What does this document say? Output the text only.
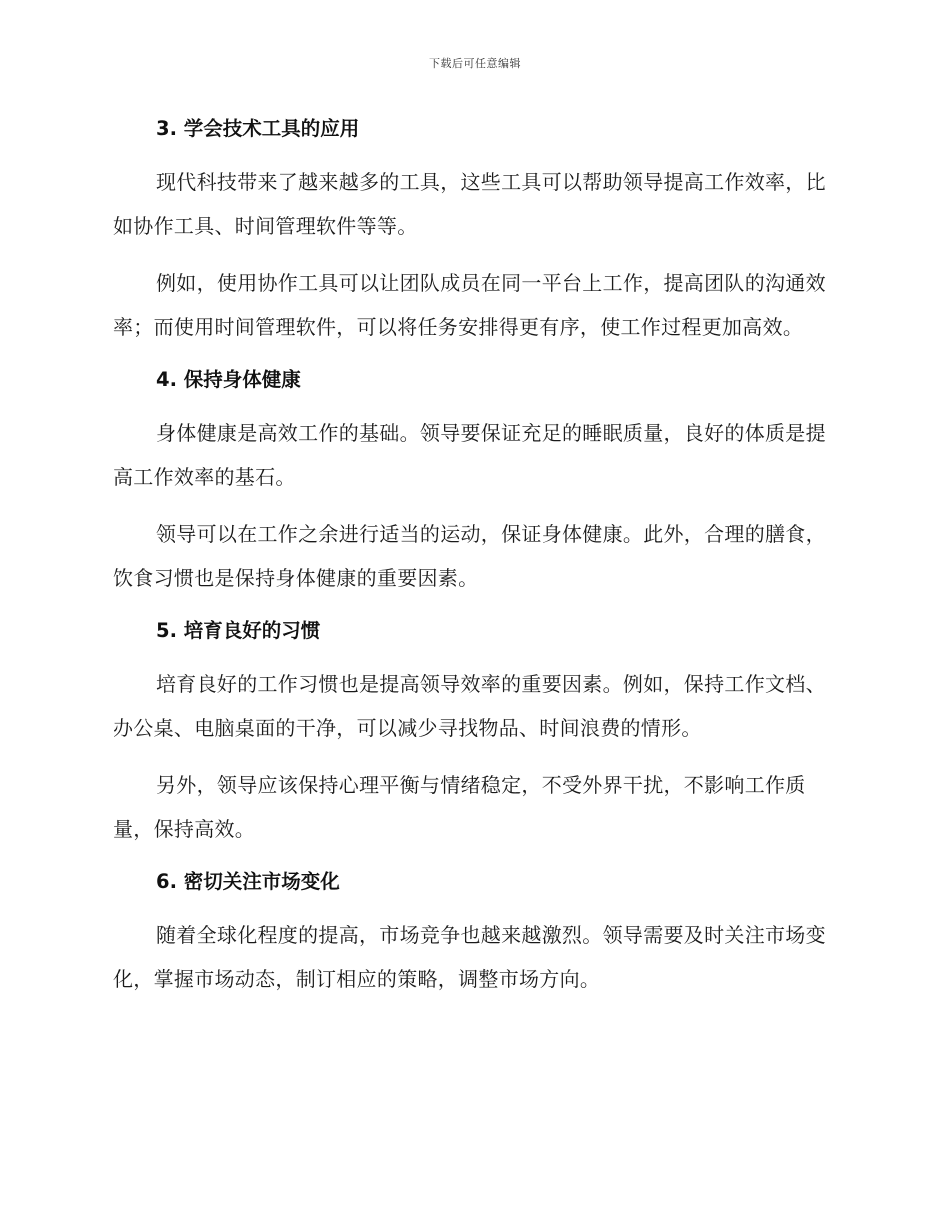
下载后可任意编辑
3. 学会技术工具的应用

现代科技带来了越来越多的工具，这些工具可以帮助领导提高工作效率，比如协作工具、时间管理软件等等。

例如，使用协作工具可以让团队成员在同一平台上工作，提高团队的沟通效率；而使用时间管理软件，可以将任务安排得更有序，使工作过程更加高效。

4. 保持身体健康

身体健康是高效工作的基础。领导要保证充足的睡眠质量，良好的体质是提高工作效率的基石。

领导可以在工作之余进行适当的运动，保证身体健康。此外，合理的膳食，饮食习惯也是保持身体健康的重要因素。

5. 培育良好的习惯

培育良好的工作习惯也是提高领导效率的重要因素。例如，保持工作文档、办公桌、电脑桌面的干净，可以减少寻找物品、时间浪费的情形。

另外，领导应该保持心理平衡与情绪稳定，不受外界干扰，不影响工作质量，保持高效。

6. 密切关注市场变化

随着全球化程度的提高，市场竞争也越来越激烈。领导需要及时关注市场变化，掌握市场动态，制订相应的策略，调整市场方向。
